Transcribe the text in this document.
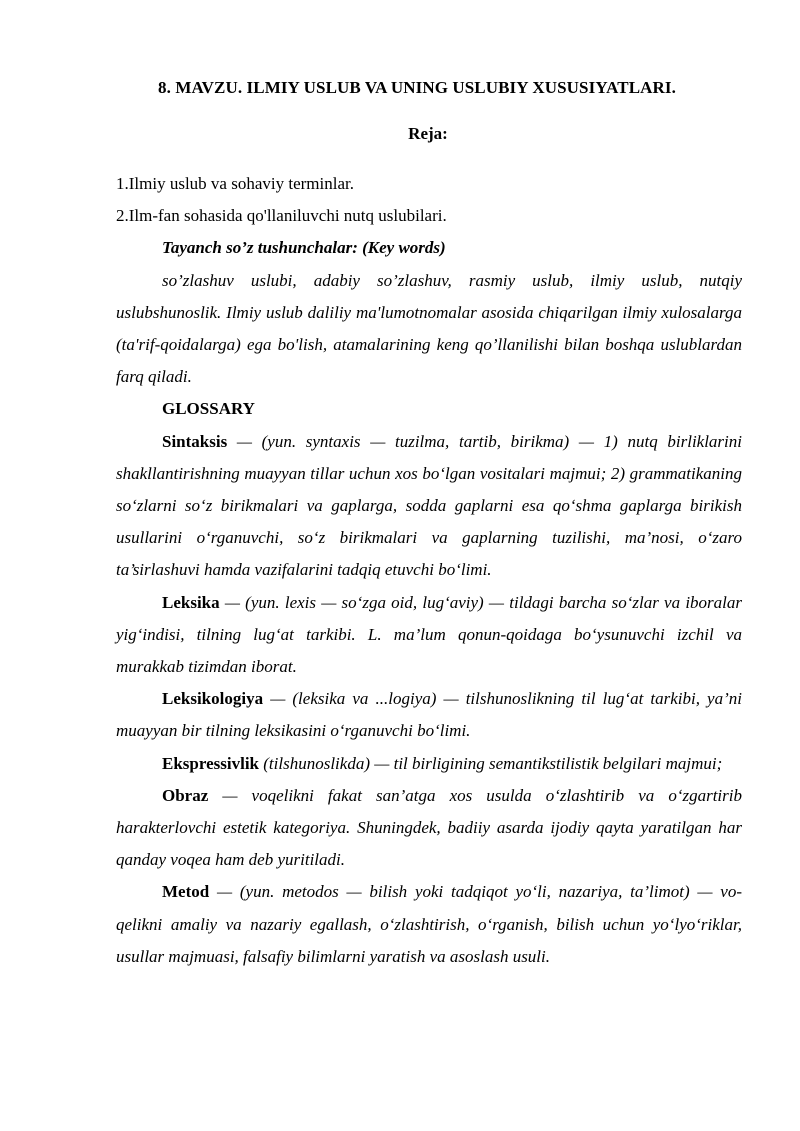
8. MAVZU. ILMIY USLUB VA UNING USLUBIY XUSUSIYATLARI.
Reja:

1.Ilmiy uslub va sohaviy terminlar.

2.Ilm-fan sohasida qo'llaniluvchi nutq uslubilari.

Tayanch so’z tushunchalar: (Key words)

so’zlashuv uslubi, adabiy so’zlashuv, rasmiy uslub, ilmiy uslub, nutqiy uslubshunoslik. Ilmiy uslub daliliy ma'lumotnomalar asosida chiqarilgan ilmiy xulosalarga (ta'rif-qoidalarga) ega bo'lish, atamalarining keng qo’llanilishi bilan boshqa uslublardan farq qiladi.

GLOSSARY

Sintaksis — (yun. syntaxis — tuzilma, tartib, birikma) — 1) nutq birliklarini shakllantirishning muayyan tillar uchun xos bo‘lgan vositalari majmui; 2) grammatikaning so‘zlarni so‘z birikmalari va gaplarga, sodda gaplarni esa qo‘shma gaplarga birikish usullarini o‘rganuvchi, so‘z birikmalari va gaplarning tuzilishi, ma’nosi, o‘zaro ta’sirlashuvi hamda vazifalarini tadqiq etuvchi bo‘limi.

Leksika — (yun. lexis — so‘zga oid, lug‘aviy) — tildagi barcha so‘zlar va iboralar yig‘indisi, tilning lug‘at tarkibi. L. ma’lum qonun-qoidaga bo‘ysunuvchi izchil va murakkab tizimdan iborat.

Leksikologiya — (leksika va ...logiya) — tilshunoslikning til lug‘at tarkibi, ya’ni muayyan bir tilning leksikasini o‘rganuvchi bo‘limi.

Ekspressivlik (tilshunoslikda) — til birligining semantikstilistik belgilari majmui;

Obraz — voqelikni fakat san’atga xos usulda o‘zlashtirib va o‘zgartirib harakterlovchi estetik kategoriya. Shuningdek, badiiy asarda ijodiy qayta yaratilgan har qanday voqea ham deb yuritiladi.

Metod — (yun. metodos — bilish yoki tadqiqot yo‘li, nazariya, ta’limot) — vo-qelikni amaliy va nazariy egallash, o‘zlashtirish, o‘rganish, bilish uchun yo‘lyo‘riklar, usullar majmuasi, falsafiy bilimlarni yaratish va asoslash usuli.
